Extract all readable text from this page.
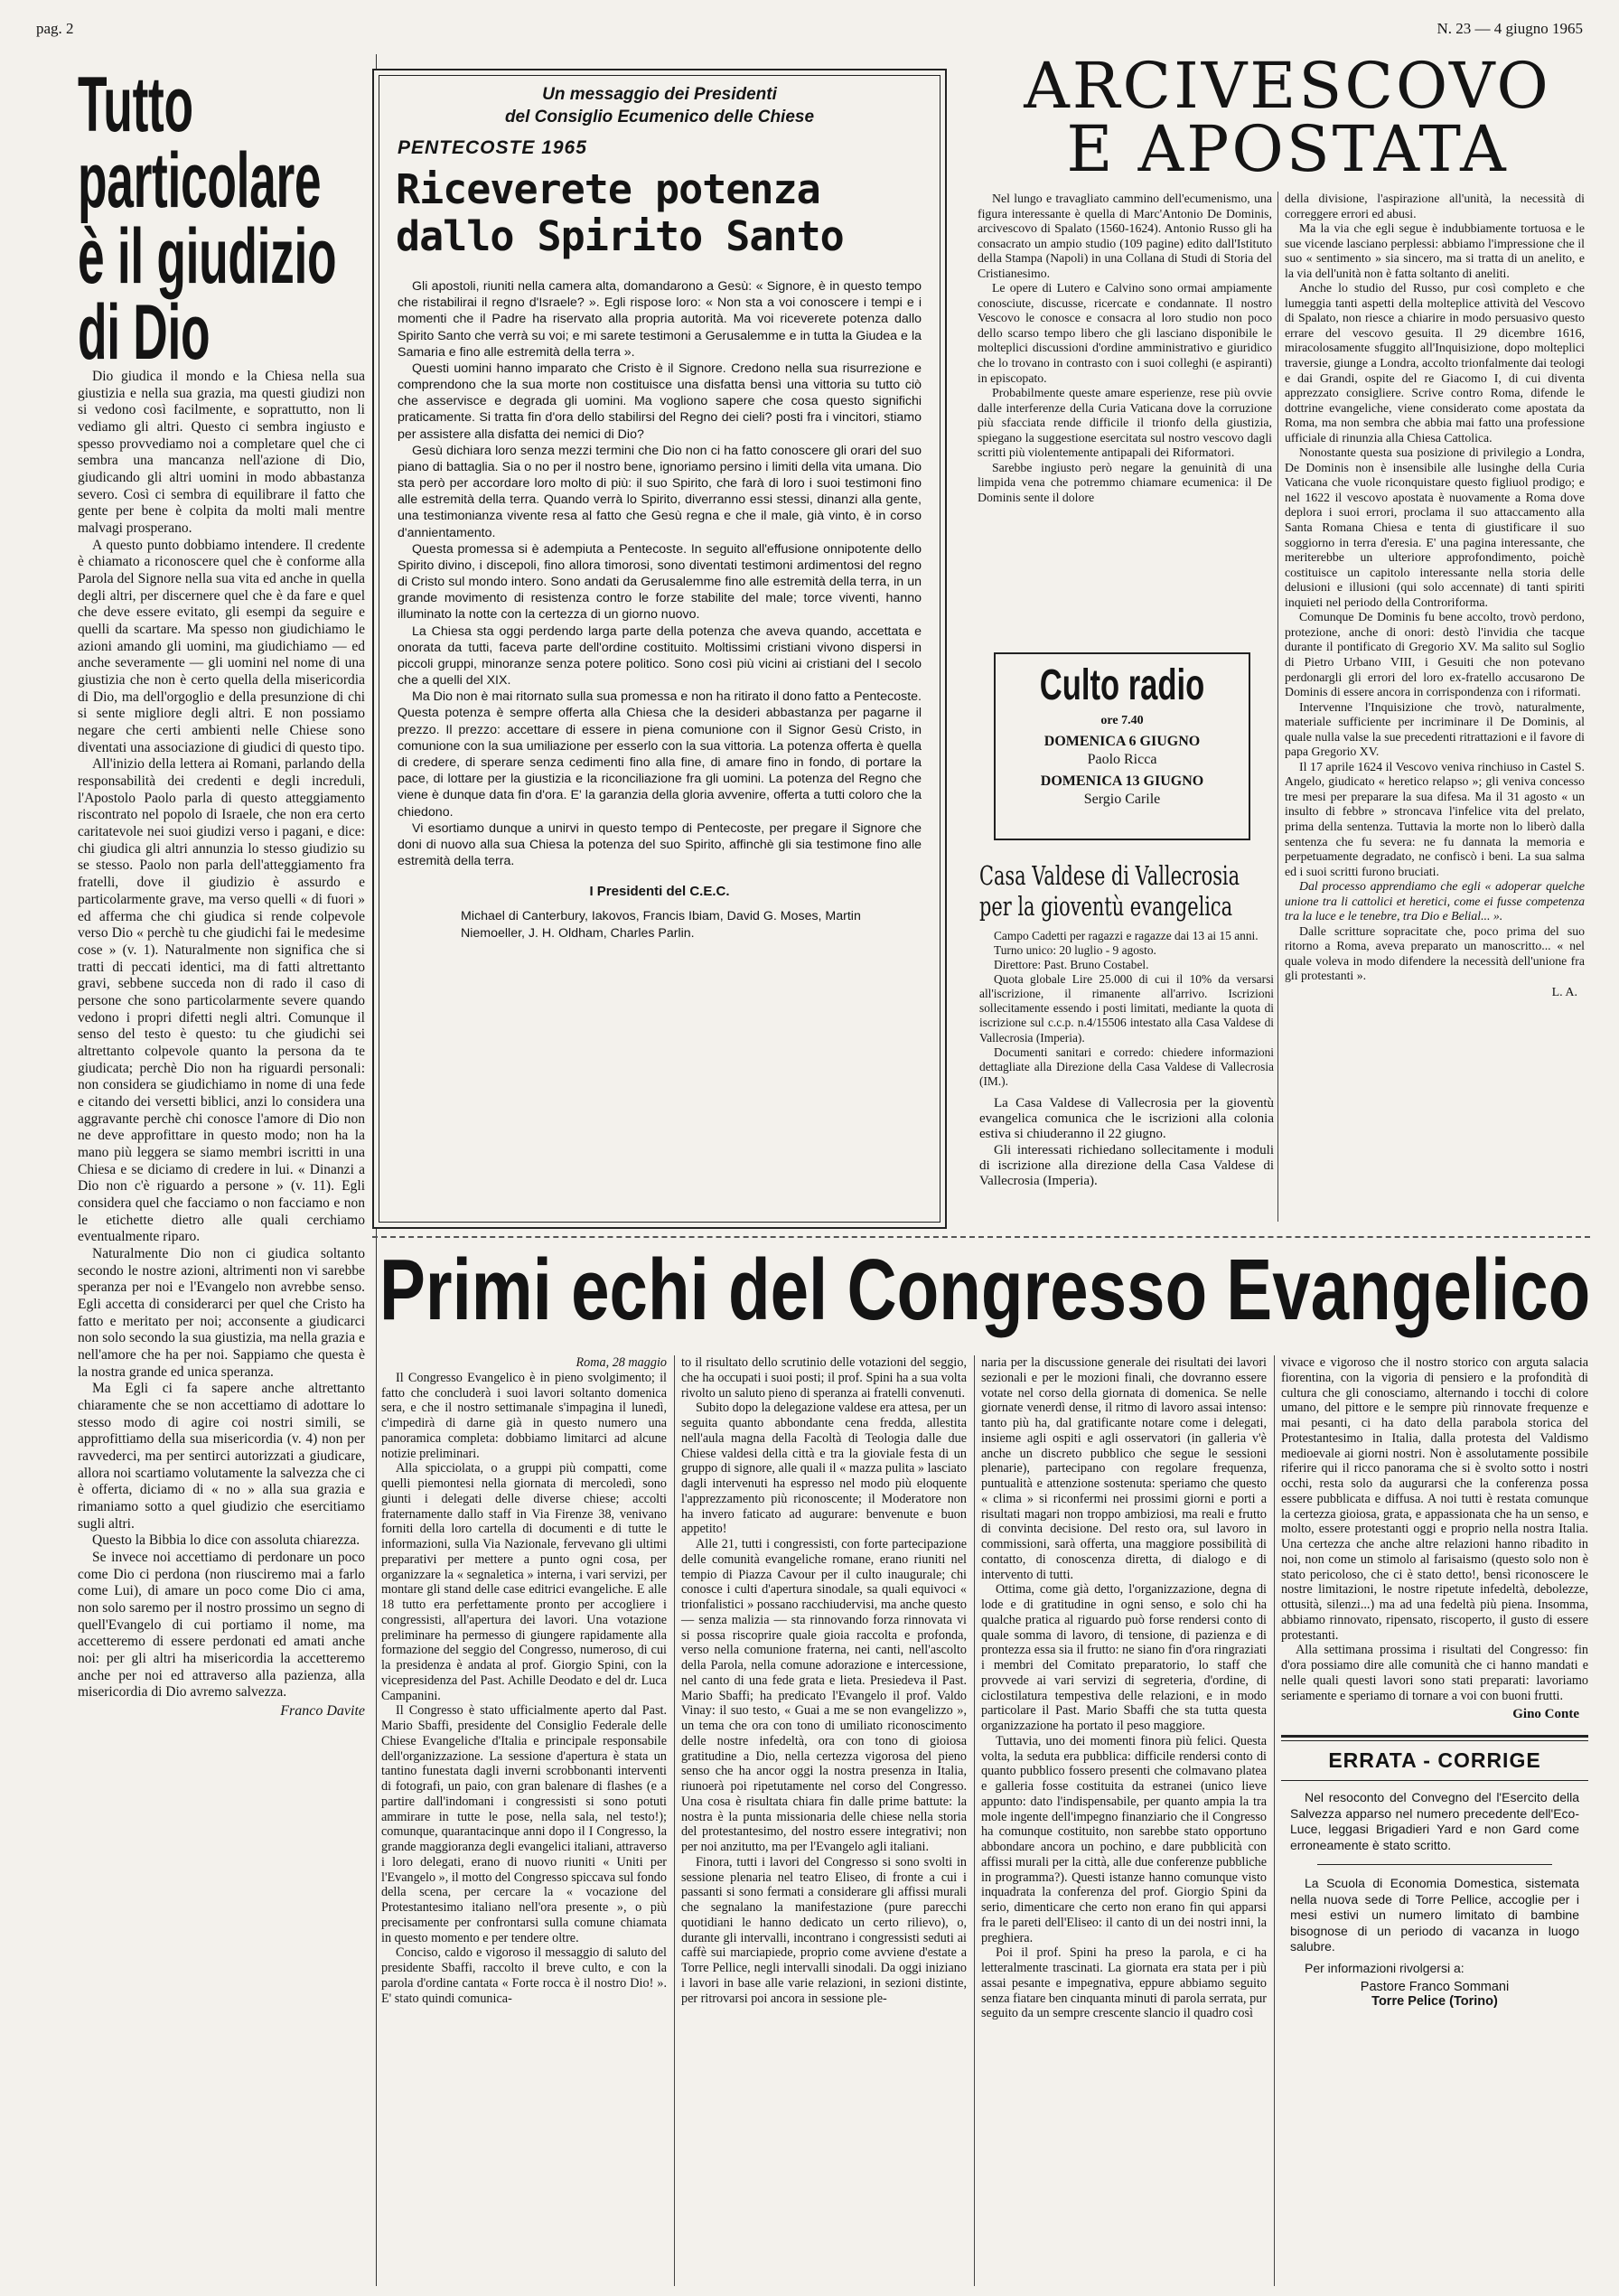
pag. 2	N. 23 — 4 giugno 1965
Tutto
particolare
è il giudizio
di Dio

Dio giudica il mondo e la Chiesa nella sua giustizia e nella sua grazia, ma questi giudizi non si vedono così facilmente, e soprattutto, non li vediamo gli altri. Questo ci sembra ingiusto e spesso provvediamo noi a completare quel che ci sembra una mancanza nell'azione di Dio, giudicando gli altri uomini in modo abbastanza severo. Così ci sembra di equilibrare il fatto che gente per bene è colpita da molti mali mentre malvagi prosperano.

A questo punto dobbiamo intendere. Il credente è chiamato a riconoscere quel che è conforme alla Parola del Signore nella sua vita ed anche in quella degli altri, per discernere quel che è da fare e quel che deve essere evitato, gli esempi da seguire e quelli da scartare. Ma spesso non giudichiamo le azioni amando gli uomini, ma giudichiamo — ed anche severamente — gli uomini nel nome di una giustizia che non è certo quella della misericordia di Dio, ma dell'orgoglio e della presunzione di chi si sente migliore degli altri. E non possiamo negare che certi ambienti nelle Chiese sono diventati una associazione di giudici di questo tipo.

All'inizio della lettera ai Romani, parlando della responsabilità dei credenti e degli increduli, l'Apostolo Paolo parla di questo atteggiamento riscontrato nel popolo di Israele, che non era certo caritatevole nei suoi giudizi verso i pagani, e dice: chi giudica gli altri annunzia lo stesso giudizio su se stesso. Paolo non parla dell'atteggiamento fra fratelli, dove il giudizio è assurdo e particolarmente grave, ma verso quelli « di fuori » ed afferma che chi giudica si rende colpevole verso Dio « perchè tu che giudichi fai le medesime cose » (v. 1). Naturalmente non significa che si tratti di peccati identici, ma di fatti altrettanto gravi, sebbene succeda non di rado il caso di persone che sono particolarmente severe quando vedono i propri difetti negli altri. Comunque il senso del testo è questo: tu che giudichi sei altrettanto colpevole quanto la persona da te giudicata; perchè Dio non ha riguardi personali: non considera se giudichiamo in nome di una fede e citando dei versetti biblici, anzi lo considera una aggravante perchè chi conosce l'amore di Dio non ne deve approfittare in questo modo; non ha la mano più leggera se siamo membri iscritti in una Chiesa e se diciamo di credere in lui. « Dinanzi a Dio non c'è riguardo a persone » (v. 11). Egli considera quel che facciamo o non facciamo e non le etichette dietro alle quali cerchiamo eventualmente riparo.

Naturalmente Dio non ci giudica soltanto secondo le nostre azioni, altrimenti non vi sarebbe speranza per noi e l'Evangelo non avrebbe senso. Egli accetta di considerarci per quel che Cristo ha fatto e meritato per noi; acconsente a giudicarci non solo secondo la sua giustizia, ma nella grazia e nell'amore che ha per noi. Sappiamo che questa è la nostra grande ed unica speranza.

Ma Egli ci fa sapere anche altrettanto chiaramente che se non accettiamo di adottare lo stesso modo di agire coi nostri simili, se approfittiamo della sua misericordia (v. 4) non per ravvederci, ma per sentirci autorizzati a giudicare, allora noi scartiamo volutamente la salvezza che ci è offerta, diciamo di « no » alla sua grazia e rimaniamo sotto a quel giudizio che esercitiamo sugli altri.

Questo la Bibbia lo dice con assoluta chiarezza.

Se invece noi accettiamo di perdonare un poco come Dio ci perdona (non riusciremo mai a farlo come Lui), di amare un poco come Dio ci ama, non solo saremo per il nostro prossimo un segno di quell'Evangelo di cui portiamo il nome, ma accetteremo di essere perdonati ed amati anche noi: per gli altri ha misericordia la accetteremo anche per noi ed attraverso alla pazienza, alla misericordia di Dio avremo salvezza.

Franco Davite

Un messaggio dei Presidenti
del Consiglio Ecumenico delle Chiese
PENTECOSTE 1965
Riceverete potenza
dallo Spirito Santo

Gli apostoli, riuniti nella camera alta, domandarono a Gesù: « Signore, è in questo tempo che ristabilirai il regno d'Israele? ». Egli rispose loro: « Non sta a voi conoscere i tempi e i momenti che il Padre ha riservato alla propria autorità. Ma voi riceverete potenza dallo Spirito Santo che verrà su voi; e mi sarete testimoni a Gerusalemme e in tutta la Giudea e la Samaria e fino alle estremità della terra ».

Questi uomini hanno imparato che Cristo è il Signore. Credono nella sua risurrezione e comprendono che la sua morte non costituisce una disfatta bensì una vittoria su tutto ciò che asservisce e degrada gli uomini. Ma vogliono sapere che cosa questo significhi praticamente. Si tratta fin d'ora dello stabilirsi del Regno dei cieli? posti fra i vincitori, stiamo per assistere alla disfatta dei nemici di Dio?

Gesù dichiara loro senza mezzi termini che Dio non ci ha fatto conoscere gli orari del suo piano di battaglia. Sia o no per il nostro bene, ignoriamo persino i limiti della vita umana. Dio sta però per accordare loro molto di più: il suo Spirito, che farà di loro i suoi testimoni fino alle estremità della terra. Quando verrà lo Spirito, diverranno essi stessi, dinanzi alla gente, una testimonianza vivente resa al fatto che Gesù regna e che il male, già vinto, è in corso d'annientamento.

Questa promessa si è adempiuta a Pentecoste. In seguito all'effusione onnipotente dello Spirito divino, i discepoli, fino allora timorosi, sono diventati testimoni ardimentosi del regno di Cristo sul mondo intero. Sono andati da Gerusalemme fino alle estremità della terra, in un grande movimento di resistenza contro le forze stabilite del male; torce viventi, hanno illuminato la notte con la certezza di un giorno nuovo.

La Chiesa sta oggi perdendo larga parte della potenza che aveva quando, accettata e onorata da tutti, faceva parte dell'ordine costituito. Moltissimi cristiani vivono dispersi in piccoli gruppi, minoranze senza potere politico. Sono così più vicini ai cristiani del I secolo che a quelli del XIX.

Ma Dio non è mai ritornato sulla sua promessa e non ha ritirato il dono fatto a Pentecoste. Questa potenza è sempre offerta alla Chiesa che la desideri abbastanza per pagarne il prezzo. Il prezzo: accettare di essere in piena comunione con il Signor Gesù Cristo, in comunione con la sua umiliazione per esserlo con la sua vittoria. La potenza offerta è quella di credere, di sperare senza cedimenti fino alla fine, di amare fino in fondo, di portare la pace, di lottare per la giustizia e la riconciliazione fra gli uomini. La potenza del Regno che viene è dunque data fin d'ora. E' la garanzia della gloria avvenire, offerta a tutti coloro che la chiedono.

Vi esortiamo dunque a unirvi in questo tempo di Pentecoste, per pregare il Signore che doni di nuovo alla sua Chiesa la potenza del suo Spirito, affinchè gli sia testimone fino alle estremità della terra.

I Presidenti del C.E.C.
Michael di Canterbury, Iakovos, Francis Ibiam, David G. Moses, Martin Niemoeller, J. H. Oldham, Charles Parlin.
ARCIVESCOVO
E APOSTATA

Nel lungo e travagliato cammino dell'ecumenismo, una figura interessante è quella di Marc'Antonio De Dominis, arcivescovo di Spalato (1560-1624). Antonio Russo gli ha consacrato un ampio studio (109 pagine) edito dall'Istituto della Stampa (Napoli) in una Collana di Studi di Storia del Cristianesimo.

Le opere di Lutero e Calvino sono ormai ampiamente conosciute, discusse, ricercate e condannate. Il nostro Vescovo le conosce e consacra al loro studio non poco dello scarso tempo libero che gli lasciano disponibile le molteplici discussioni d'ordine amministrativo e giuridico che lo trovano in contrasto con i suoi colleghi (e aspiranti) in episcopato.

Probabilmente queste amare esperienze, rese più ovvie dalle interferenze della Curia Vaticana dove la corruzione più sfacciata rende difficile il trionfo della giustizia, spiegano la suggestione esercitata sul nostro vescovo dagli scritti più violentemente antipapali dei Riformatori.

Sarebbe ingiusto però negare la genuinità di una limpida vena che potremmo chiamare ecumenica: il De Dominis sente il dolore

della divisione, l'aspirazione all'unità, la necessità di correggere errori ed abusi.

Ma la via che egli segue è indubbiamente tortuosa e le sue vicende lasciano perplessi: abbiamo l'impressione che il suo « sentimento » sia sincero, ma si tratta di un anelito, e la via dell'unità non è fatta soltanto di aneliti.

Anche lo studio del Russo, pur così completo e che lumeggia tanti aspetti della molteplice attività del Vescovo di Spalato, non riesce a chiarire in modo persuasivo questo errare del vescovo gesuita. Il 29 dicembre 1616, miracolosamente sfuggito all'Inquisizione, dopo molteplici traversie, giunge a Londra, accolto trionfalmente dai teologi e dai Grandi, ospite del re Giacomo I, di cui diventa apprezzato consigliere. Scrive contro Roma, difende le dottrine evangeliche, viene considerato come apostata da Roma, ma non sembra che abbia mai fatto una professione ufficiale di rinunzia alla Chiesa Cattolica.

Nonostante questa sua posizione di privilegio a Londra, De Dominis non è insensibile alle lusinghe della Curia Vaticana che vuole riconquistare questo figliuol prodigo; e nel 1622 il vescovo apostata è nuovamente a Roma dove deplora i suoi errori, proclama il suo attaccamento alla Santa Romana Chiesa e tenta di giustificare il suo soggiorno in terra d'eresia. E' una pagina interessante, che meriterebbe un ulteriore approfondimento, poichè costituisce un capitolo interessante nella storia delle delusioni e illusioni (qui solo accennate) di tanti spiriti inquieti nel periodo della Controriforma.

Comunque De Dominis fu bene accolto, trovò perdono, protezione, anche di onori: destò l'invidia che tacque durante il pontificato di Gregorio XV. Ma salito sul Soglio di Pietro Urbano VIII, i Gesuiti che non potevano perdonargli gli errori del loro ex-fratello accusarono De Dominis di essere ancora in corrispondenza con i riformati.

Intervenne l'Inquisizione che trovò, naturalmente, materiale sufficiente per incriminare il De Dominis, al quale nulla valse la sue precedenti ritrattazioni e il favore di papa Gregorio XV.

Il 17 aprile 1624 il Vescovo veniva rinchiuso in Castel S. Angelo, giudicato « heretico relapso »; gli veniva concesso tre mesi per preparare la sua difesa. Ma il 31 agosto « un insulto di febbre » stroncava l'infelice vita del prelato, prima della sentenza. Tuttavia la morte non lo liberò dalla sentenza che fu severa: ne fu dannata la memoria e perpetuamente degradato, ne confiscò i beni. La sua salma ed i suoi scritti furono bruciati.

Dal processo apprendiamo che egli « adoperar quelche unione tra li cattolici et heretici, come ei fusse competenza tra la luce e le tenebre, tra Dio e Belial... ».

Dalle scritture sopracitate che, poco prima del suo ritorno a Roma, aveva preparato un manoscritto... « nel quale voleva in modo difendere la necessità dell'unione fra gli protestanti ».

L. A.

Culto radio
ore 7.40
DOMENICA 6 GIUGNO
Paolo Ricca
DOMENICA 13 GIUGNO
Sergio Carile
Casa Valdese di Vallecrosia
per la gioventù evangelica

Campo Cadetti per ragazzi e ragazze dai 13 ai 15 anni.

Turno unico: 20 luglio - 9 agosto.

Direttore: Past. Bruno Costabel.

Quota globale Lire 25.000 di cui il 10% da versarsi all'iscrizione, il rimanente all'arrivo. Iscrizioni sollecitamente essendo i posti limitati, mediante la quota di iscrizione sul c.c.p. n.4/15506 intestato alla Casa Valdese di Vallecrosia (Imperia).

Documenti sanitari e corredo: chiedere informazioni dettagliate alla Direzione della Casa Valdese di Vallecrosia (IM.).

La Casa Valdese di Vallecrosia per la gioventù evangelica comunica che le iscrizioni alla colonia estiva si chiuderanno il 22 giugno.

Gli interessati richiedano sollecitamente i moduli di iscrizione alla direzione della Casa Valdese di Vallecrosia (Imperia).

Primi echi del Congresso Evangelico

Roma, 28 maggio

Il Congresso Evangelico è in pieno svolgimento; il fatto che concluderà i suoi lavori soltanto domenica sera, e che il nostro settimanale s'impagina il lunedì, c'impedirà di darne già in questo numero una panoramica completa: dobbiamo limitarci ad alcune notizie preliminari.

Alla spicciolata, o a gruppi più compatti, come quelli piemontesi nella giornata di mercoledì, sono giunti i delegati delle diverse chiese; accolti fraternamente dallo staff in Via Firenze 38, venivano forniti della loro cartella di documenti e di tutte le informazioni, sulla Via Nazionale, fervevano gli ultimi preparativi per mettere a punto ogni cosa, per organizzare la « segnaletica » interna, i vari servizi, per montare gli stand delle case editrici evangeliche. E alle 18 tutto era perfettamente pronto per accogliere i congressisti, all'apertura dei lavori. Una votazione preliminare ha permesso di giungere rapidamente alla formazione del seggio del Congresso, numeroso, di cui la presidenza è andata al prof. Giorgio Spini, con la vicepresidenza del Past. Achille Deodato e del dr. Luca Campanini.

Il Congresso è stato ufficialmente aperto dal Past. Mario Sbaffi, presidente del Consiglio Federale delle Chiese Evangeliche d'Italia e principale responsabile dell'organizzazione. La sessione d'apertura è stata un tantino funestata dagli inverni scrobbonanti interventi di fotografi, un paio, con gran balenare di flashes (e a partire dall'indomani i congressisti si sono potuti ammirare in tutte le pose, nella sala, nel testo!); comunque, quarantacinque anni dopo il I Congresso, la grande maggioranza degli evangelici italiani, attraverso i loro delegati, erano di nuovo riuniti « Uniti per l'Evangelo », il motto del Congresso spiccava sul fondo della scena, per cercare la « vocazione del Protestantesimo italiano nell'ora presente », o più precisamente per confrontarsi sulla comune chiamata in questo momento e per tendere oltre.

Conciso, caldo e vigoroso il messaggio di saluto del presidente Sbaffi, raccolto il breve culto, e con la parola d'ordine cantata « Forte rocca è il nostro Dio! ». E' stato quindi comunica-

to il risultato dello scrutinio delle votazioni del seggio, che ha occupati i suoi posti; il prof. Spini ha a sua volta rivolto un saluto pieno di speranza ai fratelli convenuti.

Subito dopo la delegazione valdese era attesa, per un seguita quanto abbondante cena fredda, allestita nell'aula magna della Facoltà di Teologia dalle due Chiese valdesi della città e tra la gioviale festa di un gruppo di signore, alle quali il « mazza pulita » lasciato dagli intervenuti ha espresso nel modo più eloquente l'apprezzamento più riconoscente; il Moderatore non ha invero faticato ad augurare: benvenute e buon appetito!

Alle 21, tutti i congressisti, con forte partecipazione delle comunità evangeliche romane, erano riuniti nel tempio di Piazza Cavour per il culto inaugurale; chi conosce i culti d'apertura sinodale, sa quali equivoci « trionfalistici » possano racchiudervisi, ma anche questo — senza malizia — sta rinnovando forza rinnovata vi si possa riscoprire quale gioia raccolta e profonda, verso nella comunione fraterna, nei canti, nell'ascolto della Parola, nella comune adorazione e intercessione, nel canto di una fede grata e lieta. Presiedeva il Past. Mario Sbaffi; ha predicato l'Evangelo il prof. Valdo Vinay: il suo testo, « Guai a me se non evangelizzo », un tema che ora con tono di umiliato riconoscimento delle nostre infedeltà, ora con tono di gioiosa gratitudine a Dio, nella certezza vigorosa del pieno senso che ha ancor oggi la nostra presenza in Italia, riunoerà poi ripetutamente nel corso del Congresso. Una cosa è risultata chiara fin dalle prime battute: la nostra è la punta missionaria delle chiese nella storia del protestantesimo, del nostro essere integrativi; non per noi anzitutto, ma per l'Evangelo agli italiani.

Finora, tutti i lavori del Congresso si sono svolti in sessione plenaria nel teatro Eliseo, di fronte a cui i passanti si sono fermati a considerare gli affissi murali che segnalano la manifestazione (pure parecchi quotidiani le hanno dedicato un certo rilievo), o, durante gli intervalli, incontrano i congressisti seduti ai caffè sui marciapiede, proprio come avviene d'estate a Torre Pellice, negli intervalli sinodali. Da oggi iniziano i lavori in base alle varie relazioni, in sezioni distinte, per ritrovarsi poi ancora in sessione ple-

naria per la discussione generale dei risultati dei lavori sezionali e per le mozioni finali, che dovranno essere votate nel corso della giornata di domenica. Se nelle giornate venerdì dense, il ritmo di lavoro assai intenso: tanto più ha, dal gratificante notare come i delegati, insieme agli ospiti e agli osservatori (in galleria v'è anche un discreto pubblico che segue le sessioni plenarie), partecipano con regolare frequenza, puntualità e attenzione sostenuta: speriamo che questo « clima » si riconfermi nei prossimi giorni e porti a risultati magari non troppo ambiziosi, ma reali e frutto di convinta decisione. Del resto ora, sul lavoro in commissioni, sarà offerta, una maggiore possibilità di contatto, di conoscenza diretta, di dialogo e di intervento di tutti.

Ottima, come già detto, l'organizzazione, degna di lode e di gratitudine in ogni senso, e solo chi ha qualche pratica al riguardo può forse rendersi conto di quale somma di lavoro, di tensione, di pazienza e di prontezza essa sia il frutto: ne siano fin d'ora ringraziati i membri del Comitato preparatorio, lo staff che provvede ai vari servizi di segreteria, d'ordine, di ciclostilatura tempestiva delle relazioni, e in modo particolare il Past. Mario Sbaffi che sta tutta questa organizzazione ha portato il peso maggiore.

Tuttavia, uno dei momenti finora più felici. Questa volta, la seduta era pubblica: difficile rendersi conto di quanto pubblico fossero presenti che colmavano platea e galleria fosse costituita da estranei (unico lieve appunto: dato l'indispensabile, per quanto ampia la tra mole ingente dell'impegno finanziario che il Congresso ha comunque costituito, non sarebbe stato opportuno abbondare ancora un pochino, e dare pubblicità con affissi murali per la città, alle due conferenze pubbliche in programma?). Questi istanze hanno comunque visto inquadrata la conferenza del prof. Giorgio Spini da serio, dimenticare che certo non erano fin qui apparsi fra le pareti dell'Eliseo: il canto di un dei nostri inni, la preghiera.

Poi il prof. Spini ha preso la parola, e ci ha letteralmente trascinati. La giornata era stata per i più assai pesante e impegnativa, eppure abbiamo seguito senza fiatare ben cinquanta minuti di parola serrata, pur seguito da un sempre crescente slancio il quadro così

vivace e vigoroso che il nostro storico con arguta salacia fiorentina, con la vigoria di pensiero e la profondità di cultura che gli conosciamo, alternando i tocchi di colore umano, del pittore e le sempre più rinnovate frequenze e mai pesanti, ci ha dato della parabola storica del Protestantesimo in Italia, dalla protesta del Valdismo medioevale ai giorni nostri. Non è assolutamente possibile riferire qui il ricco panorama che si è svolto sotto i nostri occhi, resta solo da augurarsi che la conferenza possa essere pubblicata e diffusa. A noi tutti è restata comunque la certezza gioiosa, grata, e appassionata che ha un senso, e molto, essere protestanti oggi e proprio nella nostra Italia. Una certezza che anche altre relazioni hanno ribadito in noi, non come un stimolo al farisaismo (questo solo non è stato pericoloso, che ci è stato detto!, bensì riconoscere le nostre limitazioni, le nostre ripetute infedeltà, debolezze, ottusità, silenzi...) ma ad una fedeltà più piena. Insomma, abbiamo rinnovato, ripensato, riscoperto, il gusto di essere protestanti.

Alla settimana prossima i risultati del Congresso: fin d'ora possiamo dire alle comunità che ci hanno mandati e nelle quali questi lavori sono stati preparati: lavoriamo seriamente e speriamo di tornare a voi con buoni frutti.

Gino Conte

ERRATA - CORRIGE

Nel resoconto del Convegno del l'Esercito della Salvezza apparso nel numero precedente dell'Eco-Luce, leggasi Brigadieri Yard e non Gard come erroneamente è stato scritto.

La Scuola di Economia Domestica, sistemata nella nuova sede di Torre Pellice, accoglie per i mesi estivi un numero limitato di bambine bisognose di un periodo di vacanza in luogo salubre.

Per informazioni rivolgersi a:

Pastore Franco Sommani
Torre Pelice (Torino)
